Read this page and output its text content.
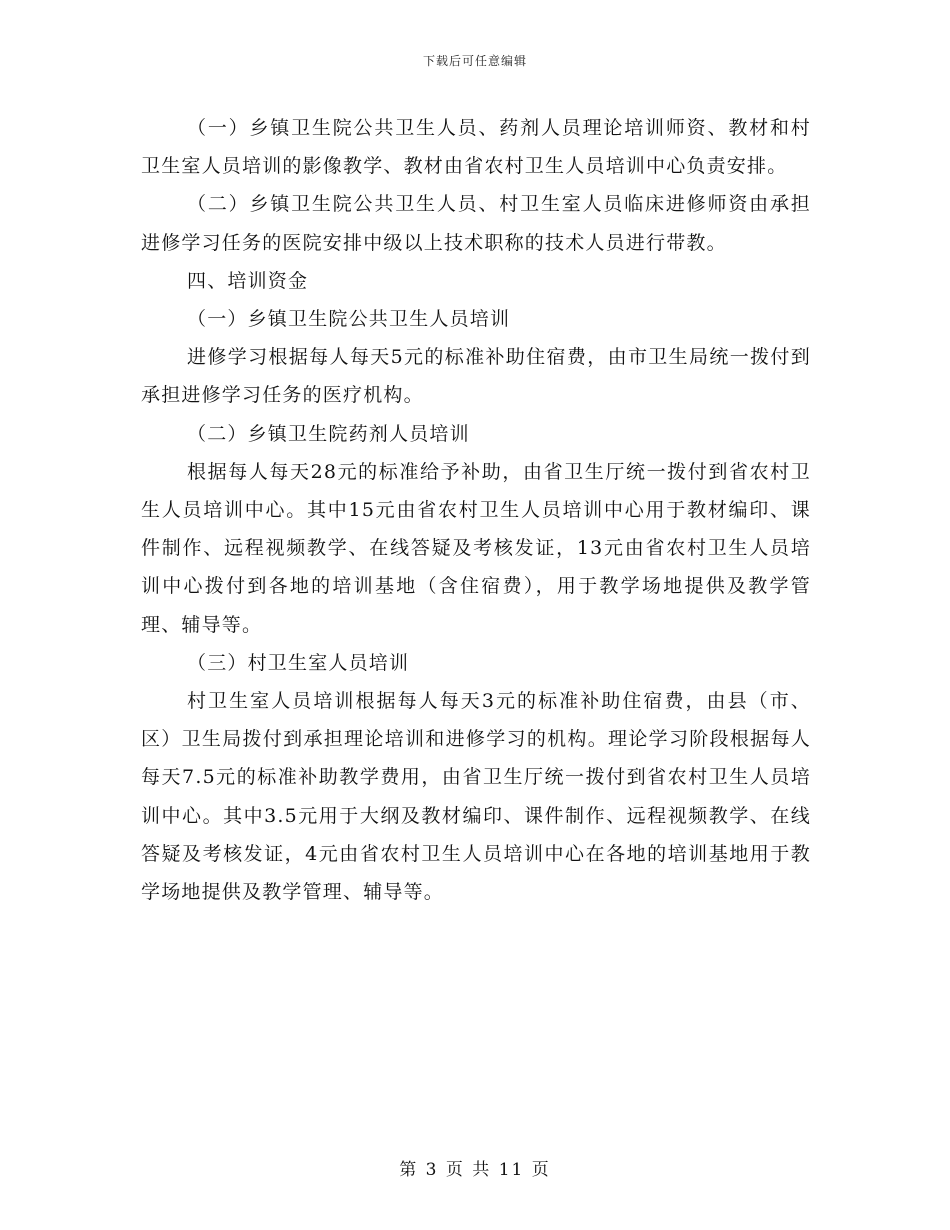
下载后可任意编辑

（一）乡镇卫生院公共卫生人员、药剂人员理论培训师资、教材和村卫生室人员培训的影像教学、教材由省农村卫生人员培训中心负责安排。

（二）乡镇卫生院公共卫生人员、村卫生室人员临床进修师资由承担进修学习任务的医院安排中级以上技术职称的技术人员进行带教。

四、培训资金

（一）乡镇卫生院公共卫生人员培训

进修学习根据每人每天5元的标准补助住宿费，由市卫生局统一拨付到承担进修学习任务的医疗机构。

（二）乡镇卫生院药剂人员培训

根据每人每天28元的标准给予补助，由省卫生厅统一拨付到省农村卫生人员培训中心。其中15元由省农村卫生人员培训中心用于教材编印、课件制作、远程视频教学、在线答疑及考核发证，13元由省农村卫生人员培训中心拨付到各地的培训基地（含住宿费），用于教学场地提供及教学管理、辅导等。

（三）村卫生室人员培训

村卫生室人员培训根据每人每天3元的标准补助住宿费，由县（市、区）卫生局拨付到承担理论培训和进修学习的机构。理论学习阶段根据每人每天7.5元的标准补助教学费用，由省卫生厅统一拨付到省农村卫生人员培训中心。其中3.5元用于大纲及教材编印、课件制作、远程视频教学、在线答疑及考核发证，4元由省农村卫生人员培训中心在各地的培训基地用于教学场地提供及教学管理、辅导等。

第 3 页 共 11 页
